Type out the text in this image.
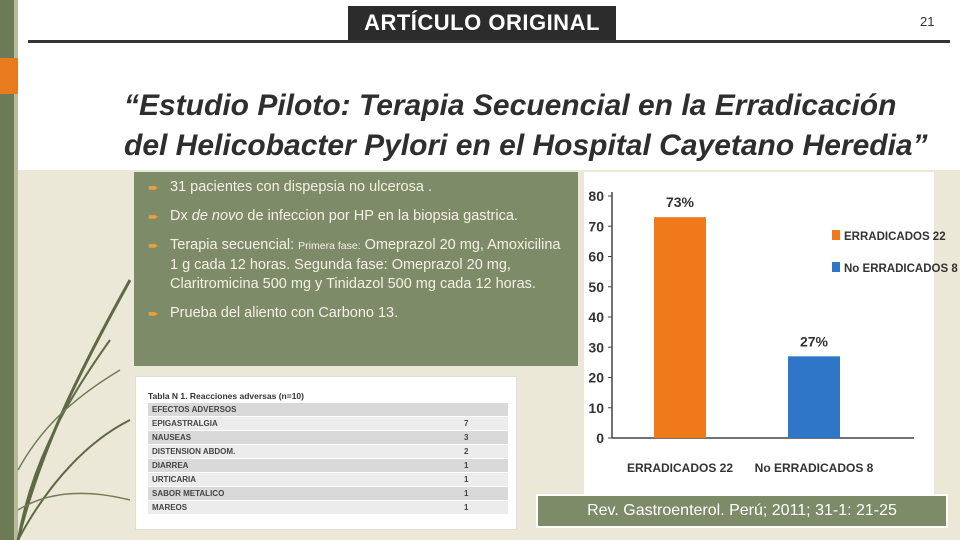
ARTÍCULO ORIGINAL	21
“Estudio Piloto: Terapia Secuencial en la Erradicación
del Helicobacter Pylori en el Hospital Cayetano Heredia”
➨ 31 pacientes con dispepsia no ulcerosa .
➨ Dx de novo de infeccion por HP en la biopsia gastrica.
➨ Terapia secuencial: Primera fase: Omeprazol 20 mg, Amoxicilina 1 g cada 12 horas. Segunda fase: Omeprazol 20 mg, Claritromicina 500 mg y Tinidazol 500 mg cada 12 horas.
➨ Prueba del aliento con Carbono 13.
0
10
20
30
40
50
60
70
80	73%
ERRADICADOS 22
27%
No ERRADICADOS 8
ERRADICADOS 22
No ERRADICADOS 8
Tabla N 1. Reacciones adversas (n=10)
EFECTOS ADVERSOS
EPIGASTRALGIA	7
NAUSEAS	3
DISTENSION ABDOM.	2
DIARREA	1
URTICARIA	1
SABOR METALICO	1
MAREOS	1	Rev. Gastroenterol. Perú; 2011; 31-1: 21-25
